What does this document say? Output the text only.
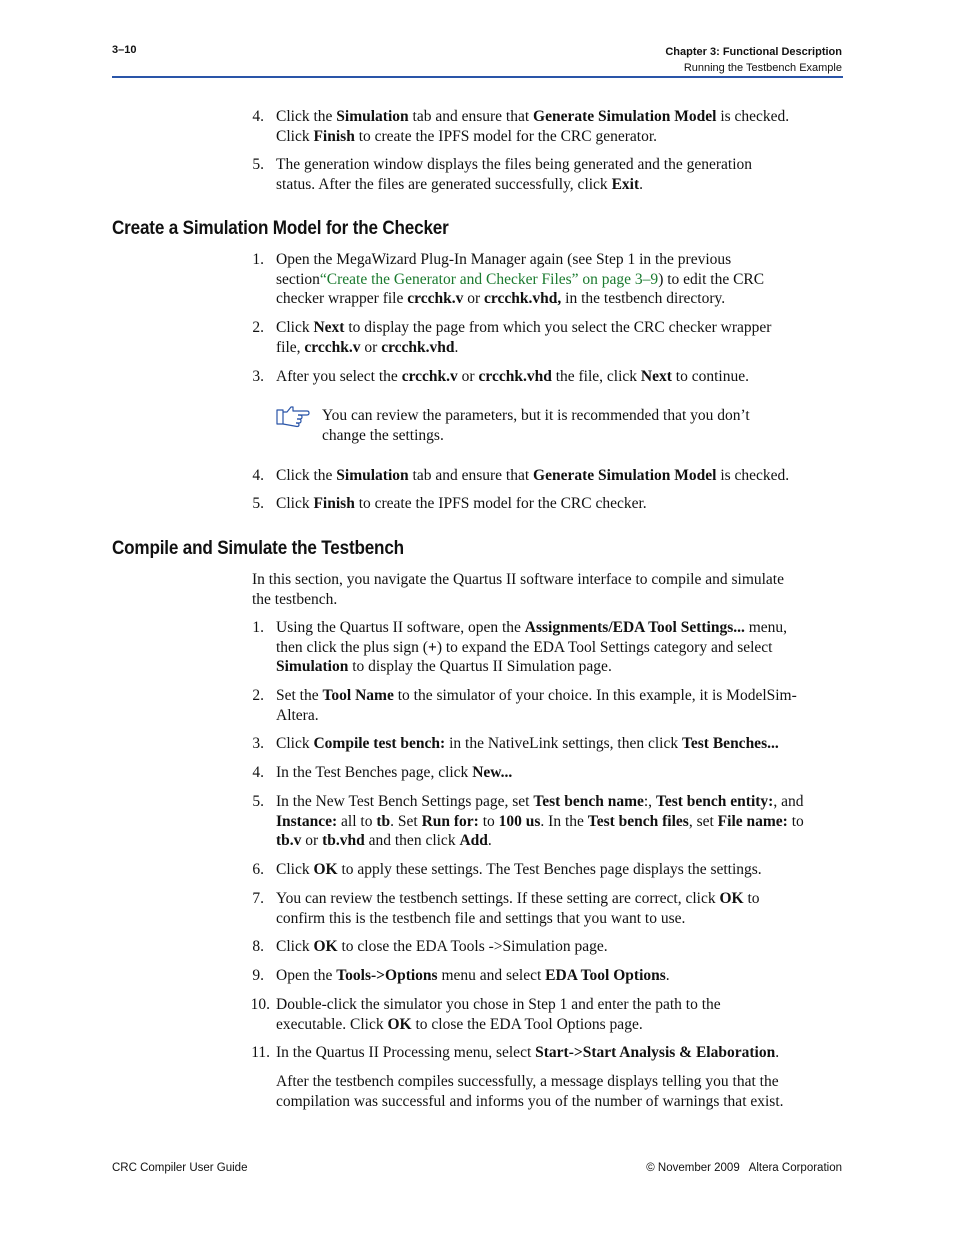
3–10	Chapter 3: Functional Description
Running the Testbench Example
4. Click the Simulation tab and ensure that Generate Simulation Model is checked.
Click Finish to create the IPFS model for the CRC generator.

5. The generation window displays the files being generated and the generation
status. After the files are generated successfully, click Exit.

Create a Simulation Model for the Checker
1. Open the MegaWizard Plug-In Manager again (see Step 1 in the previous
section“Create the Generator and Checker Files” on page 3–9) to edit the CRC
checker wrapper file crcchk.v or crcchk.vhd, in the testbench directory.

2. Click Next to display the page from which you select the CRC checker wrapper
file, crcchk.v or crcchk.vhd.

3. After you select the crcchk.v or crcchk.vhd the file, click Next to continue.

You can review the parameters, but it is recommended that you don’t
change the settings.

4. Click the Simulation tab and ensure that Generate Simulation Model is checked.

5. Click Finish to create the IPFS model for the CRC checker.

Compile and Simulate the Testbench

In this section, you navigate the Quartus II software interface to compile and simulate
the testbench.

1. Using the Quartus II software, open the Assignments/EDA Tool Settings... menu,
then click the plus sign (+) to expand the EDA Tool Settings category and select
Simulation to display the Quartus II Simulation page.

2. Set the Tool Name to the simulator of your choice. In this example, it is ModelSim-
Altera.

3. Click Compile test bench: in the NativeLink settings, then click Test Benches...

4. In the Test Benches page, click New...

5. In the New Test Bench Settings page, set Test bench name:, Test bench entity:, and
Instance: all to tb. Set Run for: to 100 us. In the Test bench files, set File name: to
tb.v or tb.vhd and then click Add.

6. Click OK to apply these settings. The Test Benches page displays the settings.

7. You can review the testbench settings. If these setting are correct, click OK to
confirm this is the testbench file and settings that you want to use.

8. Click OK to close the EDA Tools ->Simulation page.

9. Open the Tools->Options menu and select EDA Tool Options.

10. Double-click the simulator you chose in Step 1 and enter the path to the
executable. Click OK to close the EDA Tool Options page.

11. In the Quartus II Processing menu, select Start->Start Analysis & Elaboration.

After the testbench compiles successfully, a message displays telling you that the
compilation was successful and informs you of the number of warnings that exist.

CRC Compiler User Guide	© November 2009   Altera Corporation
